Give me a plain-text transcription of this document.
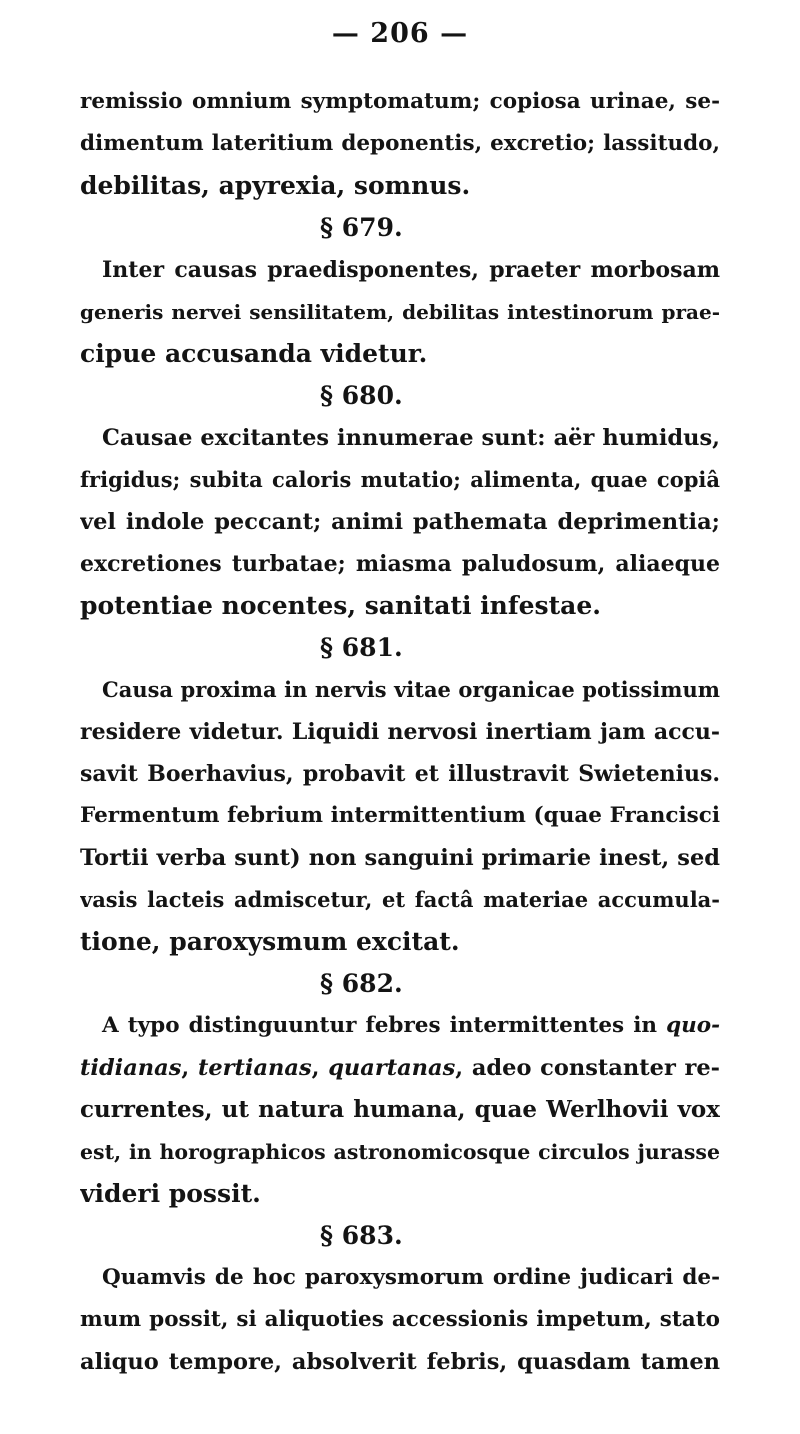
— 206 —
remissio omnium symptomatum; copiosa urinae, se-
dimentum lateritium deponentis, excretio; lassitudo,
debilitas, apyrexia, somnus.
§ 679.
Inter causas praedisponentes, praeter morbosam
generis nervei sensilitatem, debilitas intestinorum prae-
cipue accusanda videtur.
§ 680.
Causae excitantes innumerae sunt: aër humidus,
frigidus; subita caloris mutatio; alimenta, quae copiâ
vel indole peccant; animi pathemata deprimentia;
excretiones turbatae; miasma paludosum, aliaeque
potentiae nocentes, sanitati infestae.
§ 681.
Causa proxima in nervis vitae organicae potissimum
residere videtur. Liquidi nervosi inertiam jam accu-
savit Boerhavius, probavit et illustravit Swietenius.
Fermentum febrium intermittentium (quae Francisci
Tortii verba sunt) non sanguini primarie inest, sed
vasis lacteis admiscetur, et factâ materiae accumula-
tione, paroxysmum excitat.
§ 682.
A typo distinguuntur febres intermittentes in quo-
tidianas, tertianas, quartanas, adeo constanter re-
currentes, ut natura humana, quae Werlhovii vox
est, in horographicos astronomicosque circulos jurasse
videri possit.
§ 683.
Quamvis de hoc paroxysmorum ordine judicari de-
mum possit, si aliquoties accessionis impetum, stato
aliquo tempore, absolverit febris, quasdam tamen
